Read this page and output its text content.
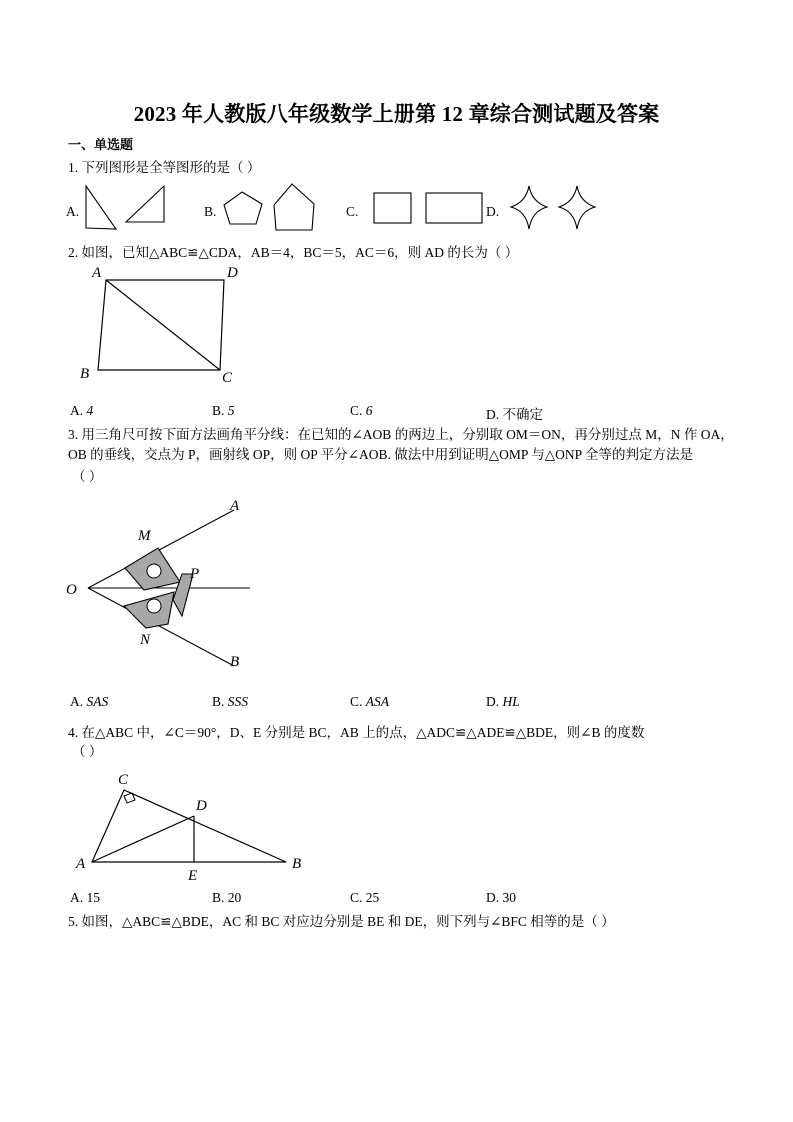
2023 年人教版八年级数学上册第 12 章综合测试题及答案
一、单选题
1. 下列图形是全等图形的是（ ）
A.	B.	C.	D.
2. 如图，已知△ABC≌△CDA，AB＝4，BC＝5，AC＝6，则 AD 的长为（ ）
A	D
B	C
A. 4	B. 5	C. 6	D. 不确定
3. 用三角尺可按下面方法画角平分线：在已知的∠AOB 的两边上，分别取 OM＝ON，再分别过点 M，N 作 OA，
OB 的垂线，交点为 P，画射线 OP，则 OP 平分∠AOB. 做法中用到证明△OMP 与△ONP 全等的判定方法是
（ ）
A
M
O
P
N
B
A. SAS	B. SSS	C. ASA	D. HL
4. 在△ABC 中，∠C＝90°，D、E 分别是 BC，AB 上的点，△ADC≌△ADE≌△BDE，则∠B 的度数
（ ）
C
D
A
E
B
A. 15	B. 20	C. 25	D. 30
5. 如图，△ABC≌△BDE，AC 和 BC 对应边分别是 BE 和 DE，则下列与∠BFC 相等的是（ ）
